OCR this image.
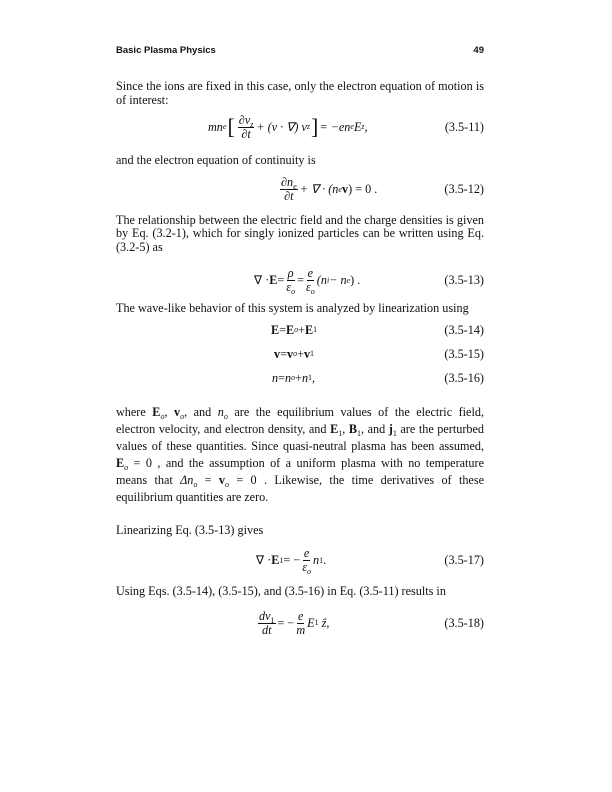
Basic Plasma Physics	49
Since the ions are fixed in this case, only the electron equation of motion is of interest:
mn e [ $\partial v_z$
∂t + (v · ∇) v z ] = −en e E z ,	(3.5-11)
and the electron equation of continuity is
$\partial n_e$
∂t + ∇ · (n e v ) = 0 .	(3.5-12)
The relationship between the electric field and the charge densities is given by Eq. (3.2-1), which for singly ionized particles can be written using Eq. (3.2-5) as
∇ · $E = \frac{\rho}{\varepsilon_o} = \frac{e}{\varepsilon_o} (n$ i − n e ) .	(3.5-13)
The wave-like behavior of this system is analyzed by linearization using
E = E o + E 1	(3.5-14)
v = v o + v 1	(3.5-15)
n = n o + n 1 ,	(3.5-16)
where $E_o$, $v_o$, and $n_o$ are the equilibrium values of the electric field, electron velocity, and electron density, and $E_1$, $B_1$, and $j_1$ are the perturbed values of these quantities. Since quasi-neutral plasma has been assumed, $E_o = 0$ , and the assumption of a uniform plasma with no temperature means that $\Delta n_o = v_o = 0$ . Likewise, the time derivatives of these equilibrium quantities are zero.
Linearizing Eq. (3.5-13) gives
∇ · E 1 = − $\frac{e}{\varepsilon_o}$ n 1 .	(3.5-17)
Using Eqs. (3.5-14), (3.5-15), and (3.5-16) in Eq. (3.5-11) results in
$\frac{dv_1}{dt}$ = − $\frac{e}{m}$ E 1
ẑ ,	(3.5-18)
